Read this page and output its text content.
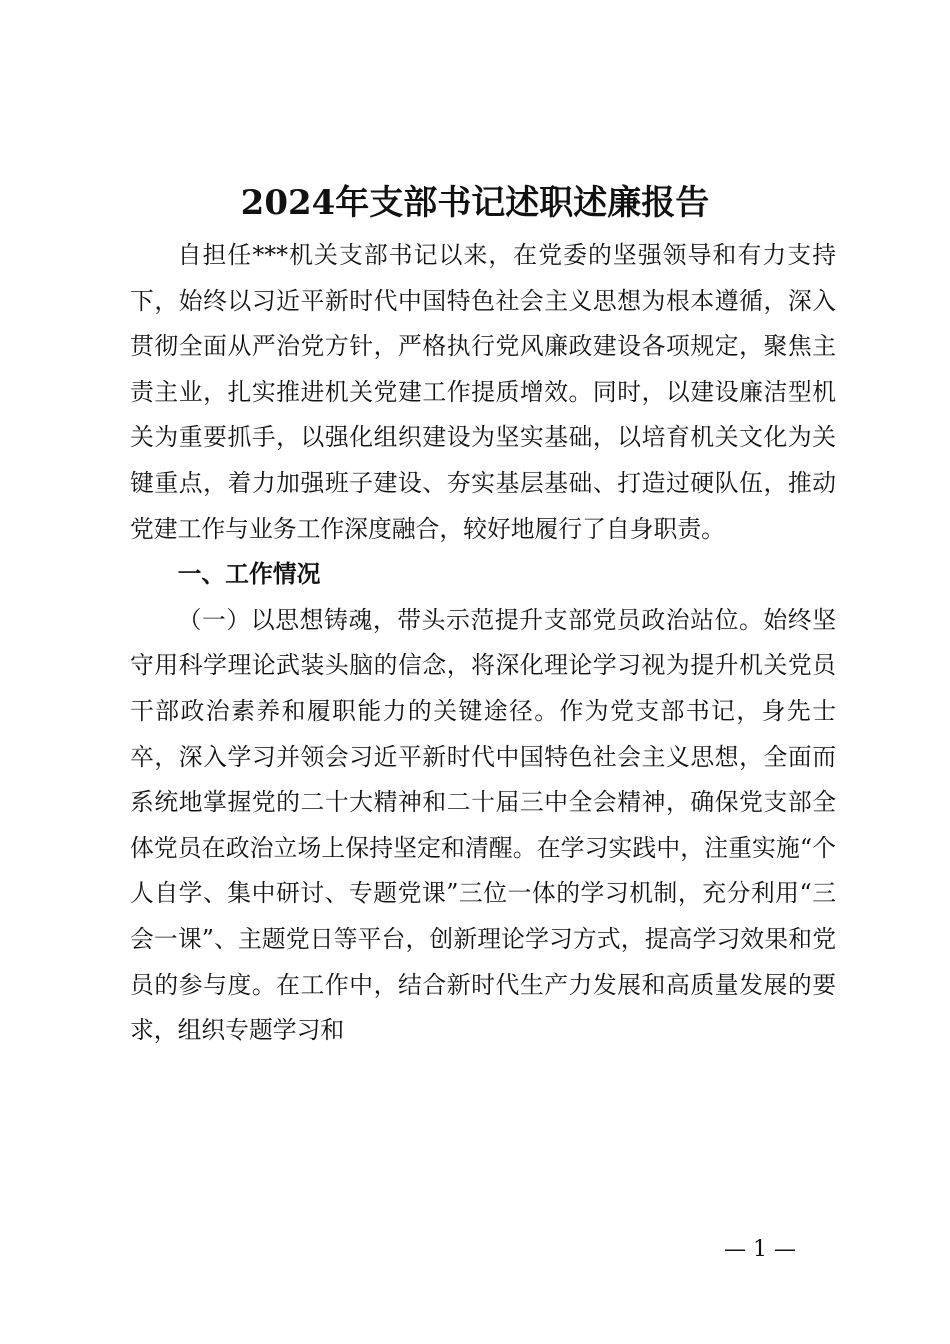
2024年支部书记述职述廉报告

自担任***机关支部书记以来，在党委的坚强领导和有力支持下，始终以习近平新时代中国特色社会主义思想为根本遵循，深入贯彻全面从严治党方针，严格执行党风廉政建设各项规定，聚焦主责主业，扎实推进机关党建工作提质增效。同时，以建设廉洁型机关为重要抓手，以强化组织建设为坚实基础，以培育机关文化为关键重点，着力加强班子建设、夯实基层基础、打造过硬队伍，推动党建工作与业务工作深度融合，较好地履行了自身职责。

一、工作情况

（一）以思想铸魂，带头示范提升支部党员政治站位。始终坚守用科学理论武装头脑的信念，将深化理论学习视为提升机关党员干部政治素养和履职能力的关键途径。作为党支部书记，身先士卒，深入学习并领会习近平新时代中国特色社会主义思想，全面而系统地掌握党的二十大精神和二十届三中全会精神，确保党支部全体党员在政治立场上保持坚定和清醒。在学习实践中，注重实施“个人自学、集中研讨、专题党课”三位一体的学习机制，充分利用“三会一课”、主题党日等平台，创新理论学习方式，提高学习效果和党员的参与度。在工作中，结合新时代生产力发展和高质量发展的要求，组织专题学习和

— 1 —
